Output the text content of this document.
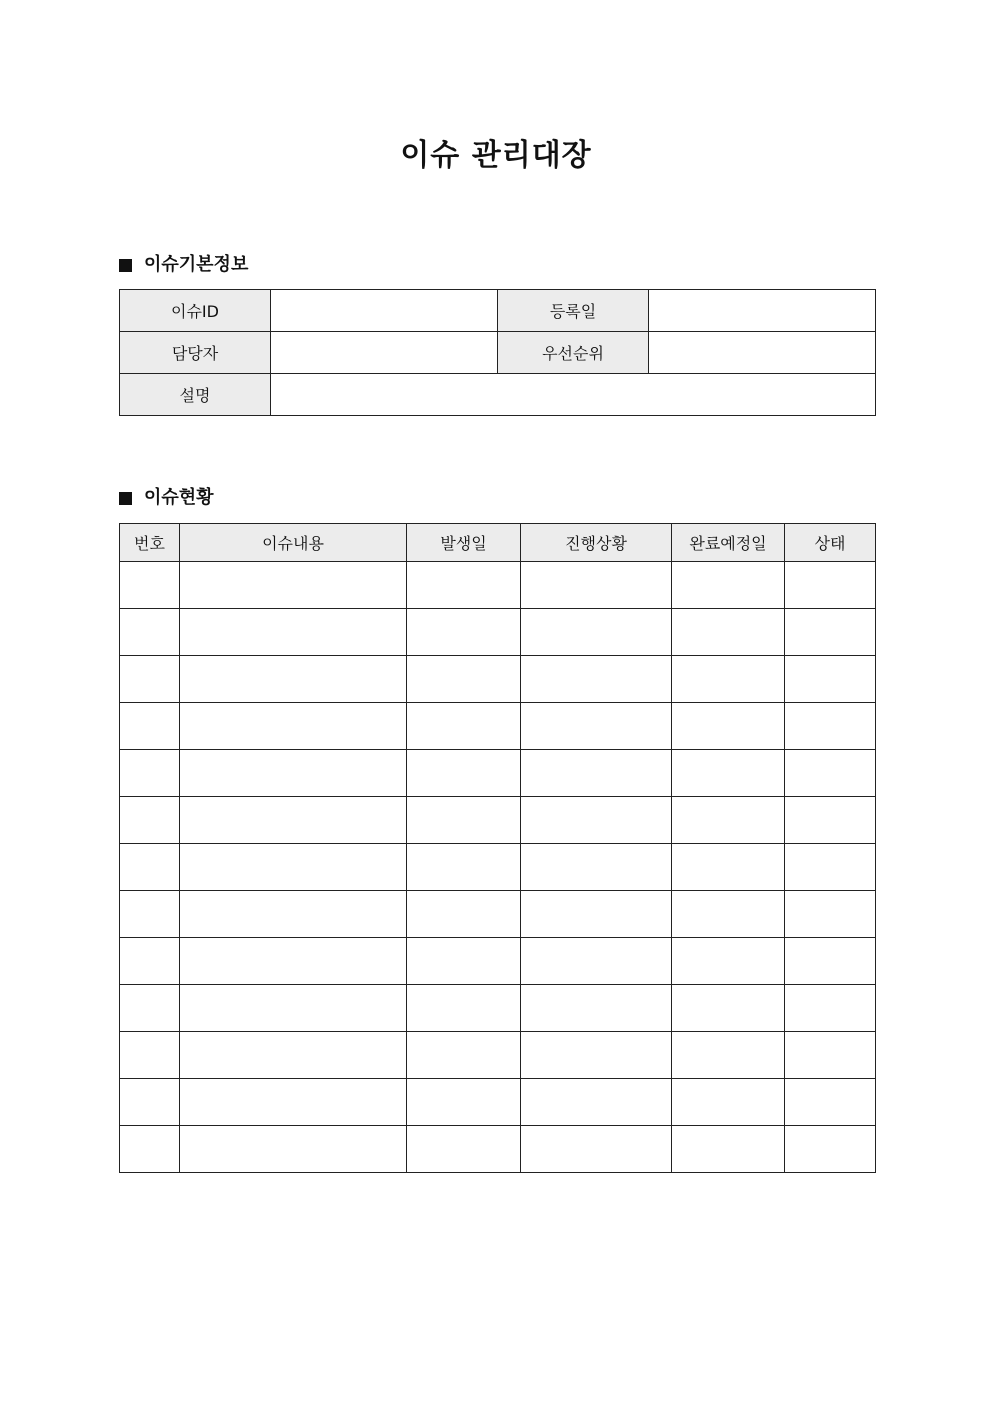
이슈 관리대장
이슈기본정보
이슈ID		등록일	
담당자		우선순위	
설명			
이슈현황
번호	이슈내용	발생일	진행상황	완료예정일	상태
